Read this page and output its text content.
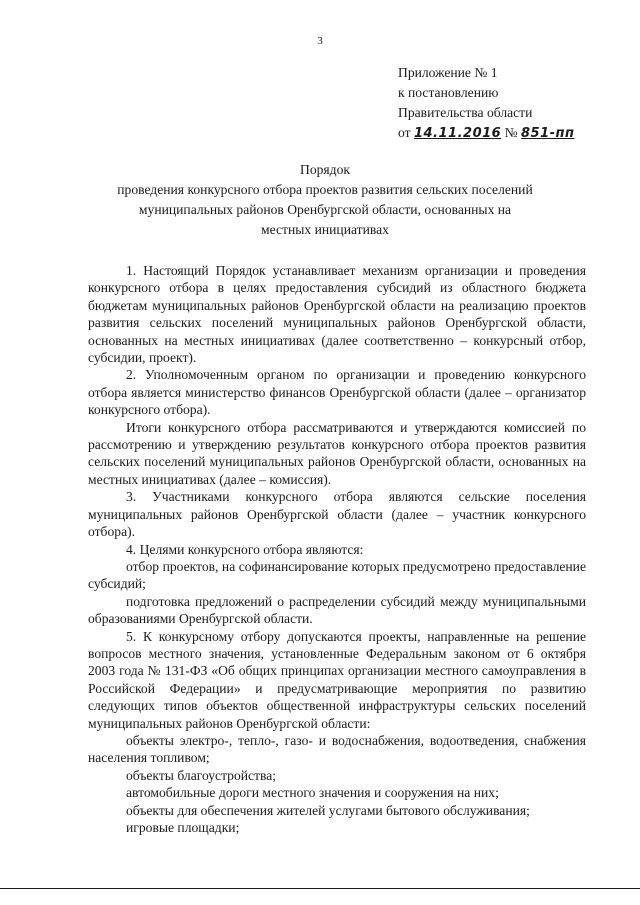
3
Приложение № 1
к постановлению
Правительства области
от 14.11.2016 № 851-пп
Порядок
проведения конкурсного отбора проектов развития сельских поселений
муниципальных районов Оренбургской области, основанных на
местных инициативах

1. Настоящий Порядок устанавливает механизм организации и проведения конкурсного отбора в целях предоставления субсидий из областного бюджета бюджетам муниципальных районов Оренбургской области на реализацию проектов развития сельских поселений муниципальных районов Оренбургской области, основанных на местных инициативах (далее соответственно – конкурсный отбор, субсидии, проект).

2. Уполномоченным органом по организации и проведению конкурсного отбора является министерство финансов Оренбургской области (далее – организатор конкурсного отбора).

Итоги конкурсного отбора рассматриваются и утверждаются комиссией по рассмотрению и утверждению результатов конкурсного отбора проектов развития сельских поселений муниципальных районов Оренбургской области, основанных на местных инициативах (далее – комиссия).

3. Участниками конкурсного отбора являются сельские поселения муниципальных районов Оренбургской области (далее – участник конкурсного отбора).

4. Целями конкурсного отбора являются:

отбор проектов, на софинансирование которых предусмотрено предоставление субсидий;

подготовка предложений о распределении субсидий между муниципальными образованиями Оренбургской области.

5. К конкурсному отбору допускаются проекты, направленные на решение вопросов местного значения, установленные Федеральным законом от 6 октября 2003 года № 131-ФЗ «Об общих принципах организации местного самоуправления в Российской Федерации» и предусматривающие мероприятия по развитию следующих типов объектов общественной инфраструктуры сельских поселений муниципальных районов Оренбургской области:

объекты электро-, тепло-, газо- и водоснабжения, водоотведения, снабжения населения топливом;

объекты благоустройства;

автомобильные дороги местного значения и сооружения на них;

объекты для обеспечения жителей услугами бытового обслуживания;

игровые площадки;
